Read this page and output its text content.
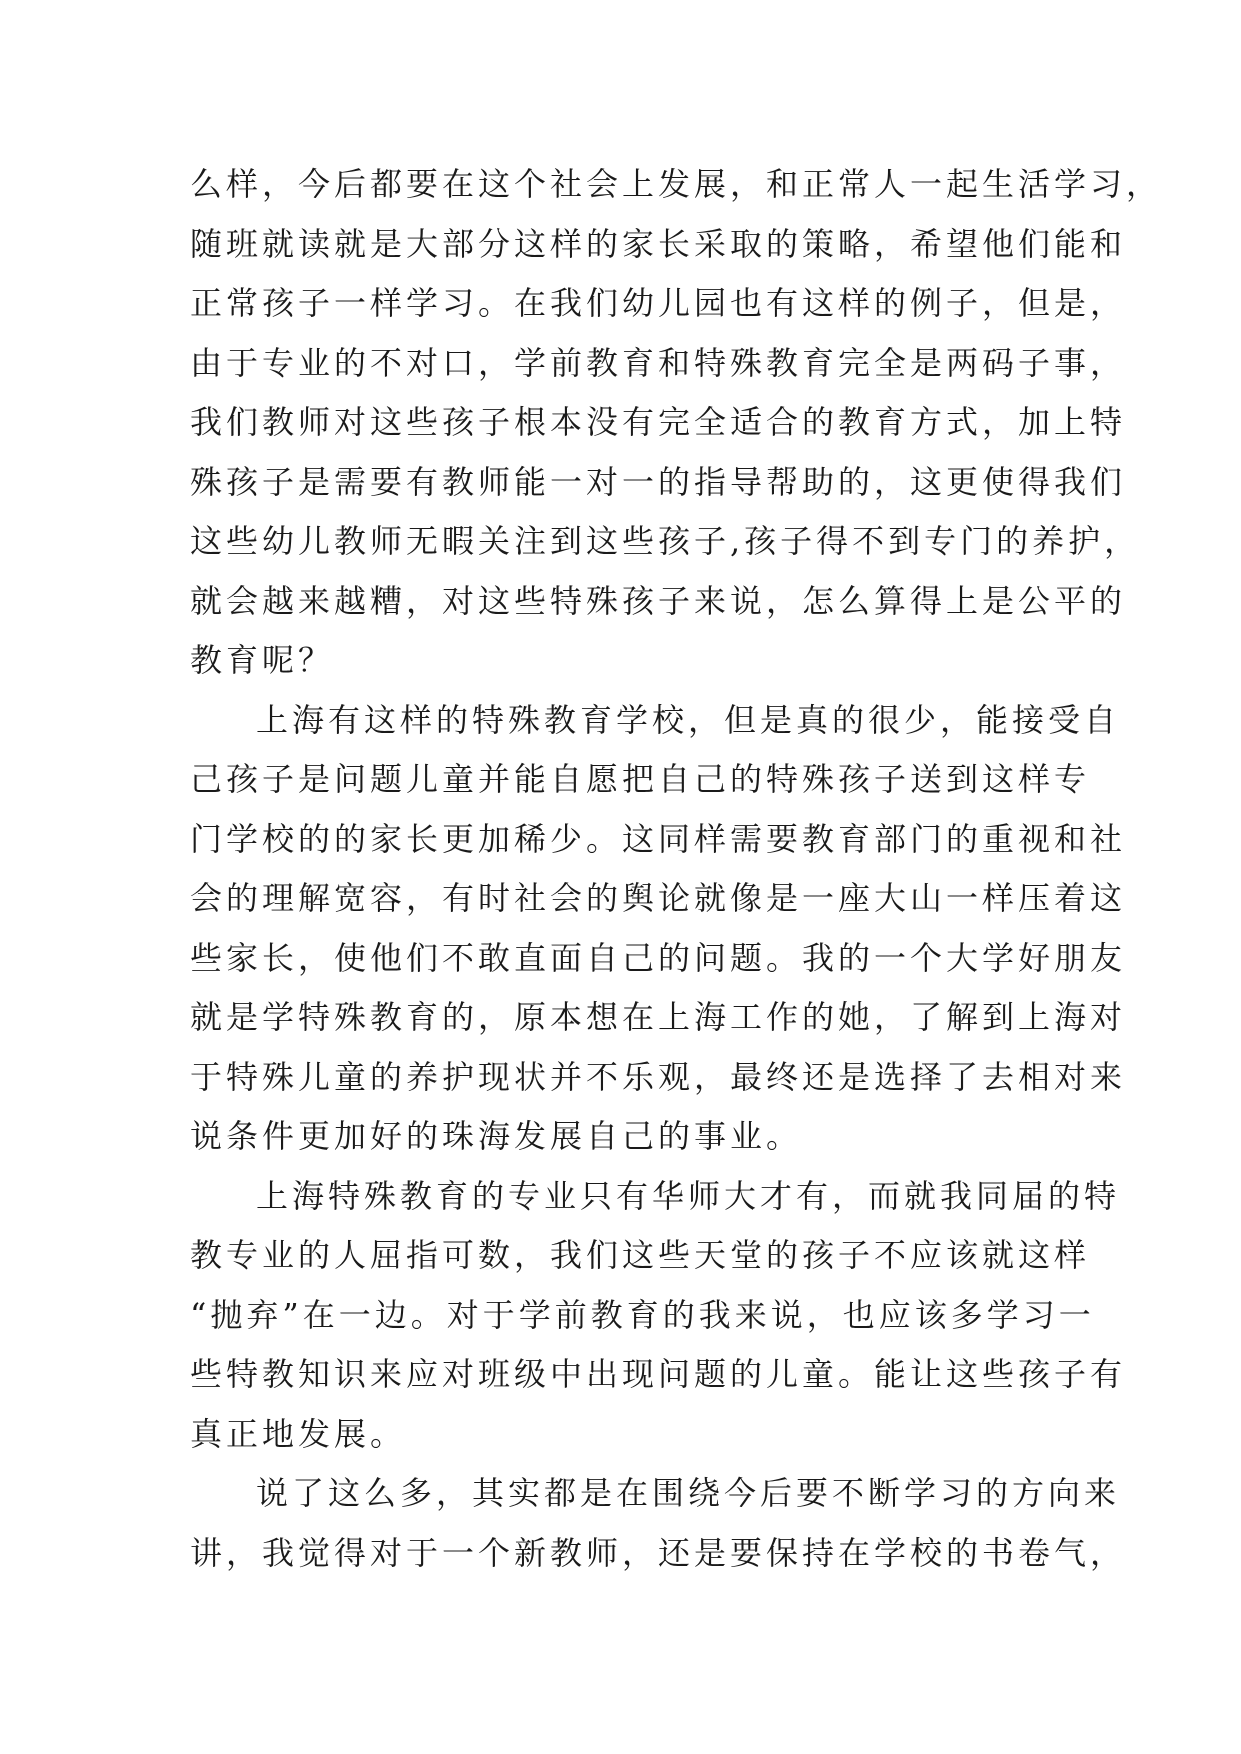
么样，今后都要在这个社会上发展，和正常人一起生活学习，
随班就读就是大部分这样的家长采取的策略，希望他们能和
正常孩子一样学习。在我们幼儿园也有这样的例子，但是，
由于专业的不对口，学前教育和特殊教育完全是两码子事，
我们教师对这些孩子根本没有完全适合的教育方式，加上特
殊孩子是需要有教师能一对一的指导帮助的，这更使得我们
这些幼儿教师无暇关注到这些孩子,孩子得不到专门的养护，
就会越来越糟，对这些特殊孩子来说，怎么算得上是公平的
教育呢？
上海有这样的特殊教育学校，但是真的很少，能接受自
己孩子是问题儿童并能自愿把自己的特殊孩子送到这样专
门学校的的家长更加稀少。这同样需要教育部门的重视和社
会的理解宽容，有时社会的舆论就像是一座大山一样压着这
些家长，使他们不敢直面自己的问题。我的一个大学好朋友
就是学特殊教育的，原本想在上海工作的她，了解到上海对
于特殊儿童的养护现状并不乐观，最终还是选择了去相对来
说条件更加好的珠海发展自己的事业。
上海特殊教育的专业只有华师大才有，而就我同届的特
教专业的人屈指可数，我们这些天堂的孩子不应该就这样
“抛弃”在一边。对于学前教育的我来说，也应该多学习一
些特教知识来应对班级中出现问题的儿童。能让这些孩子有
真正地发展。
说了这么多，其实都是在围绕今后要不断学习的方向来
讲，我觉得对于一个新教师，还是要保持在学校的书卷气，
